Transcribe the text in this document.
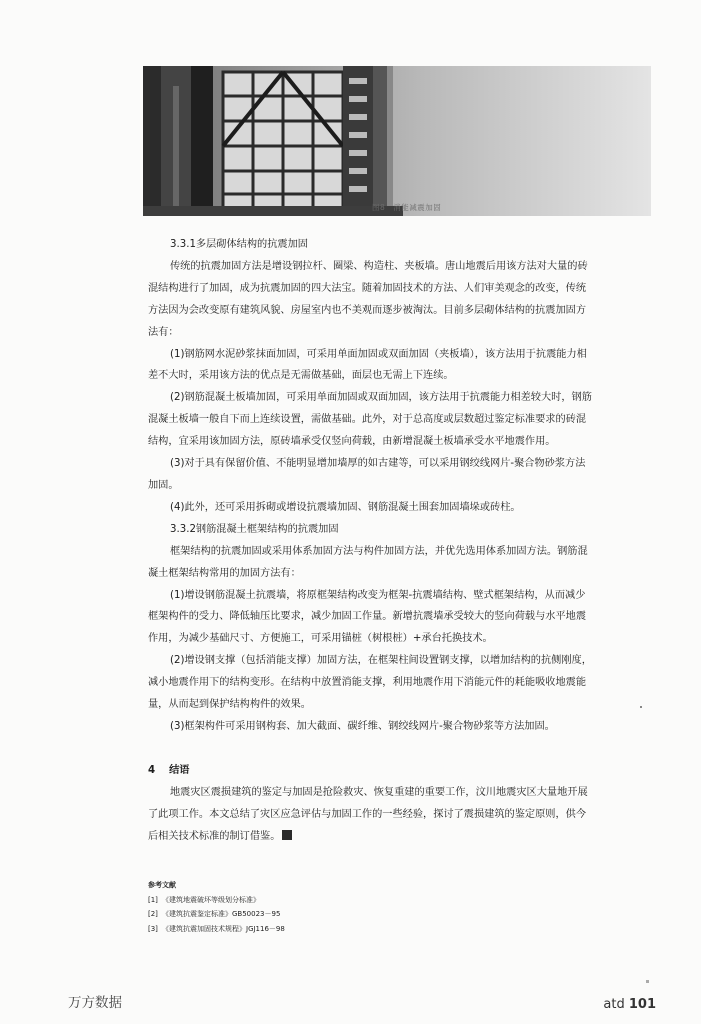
图8　消能减震加固

3.3.1多层砌体结构的抗震加固

传统的抗震加固方法是增设钢拉杆、圈梁、构造柱、夹板墙。唐山地震后用该方法对大量的砖

混结构进行了加固，成为抗震加固的四大法宝。随着加固技术的方法、人们审美观念的改变，传统

方法因为会改变原有建筑风貌、房屋室内也不美观而逐步被淘汰。目前多层砌体结构的抗震加固方

法有：

(1)钢筋网水泥砂浆抹面加固，可采用单面加固或双面加固（夹板墙），该方法用于抗震能力相

差不大时，采用该方法的优点是无需做基础，面层也无需上下连续。

(2)钢筋混凝土板墙加固，可采用单面加固或双面加固，该方法用于抗震能力相差较大时，钢筋

混凝土板墙一般自下而上连续设置，需做基础。此外，对于总高度或层数超过鉴定标准要求的砖混

结构，宜采用该加固方法，原砖墙承受仅竖向荷载，由新增混凝土板墙承受水平地震作用。

(3)对于具有保留价值、不能明显增加墙厚的如古建等，可以采用钢绞线网片-聚合物砂浆方法

加固。

(4)此外，还可采用拆砌或增设抗震墙加固、钢筋混凝土围套加固墙垛或砖柱。

3.3.2钢筋混凝土框架结构的抗震加固

框架结构的抗震加固或采用体系加固方法与构件加固方法，并优先选用体系加固方法。钢筋混

凝土框架结构常用的加固方法有：

(1)增设钢筋混凝土抗震墙，将原框架结构改变为框架-抗震墙结构、壁式框架结构，从而减少

框架构件的受力、降低轴压比要求，减少加固工作量。新增抗震墙承受较大的竖向荷载与水平地震

作用，为减少基础尺寸、方便施工，可采用锚桩（树根桩）+承台托换技术。

(2)增设钢支撑（包括消能支撑）加固方法，在框架柱间设置钢支撑，以增加结构的抗侧刚度，

减小地震作用下的结构变形。在结构中放置消能支撑，利用地震作用下消能元件的耗能吸收地震能

量，从而起到保护结构构件的效果。

(3)框架构件可采用钢构套、加大截面、碳纤维、钢绞线网片-聚合物砂浆等方法加固。

4 结语

地震灾区震损建筑的鉴定与加固是抢险救灾、恢复重建的重要工作，汶川地震灾区大量地开展

了此项工作。本文总结了灾区应急评估与加固工作的一些经验，探讨了震损建筑的鉴定原则，供今

后相关技术标准的制订借鉴。

参考文献
[1] 《建筑地震破坏等级划分标准》
[2] 《建筑抗震鉴定标准》GB50023－95
[3] 《建筑抗震加固技术规程》JGJ116－98
万方数据	atd 101
